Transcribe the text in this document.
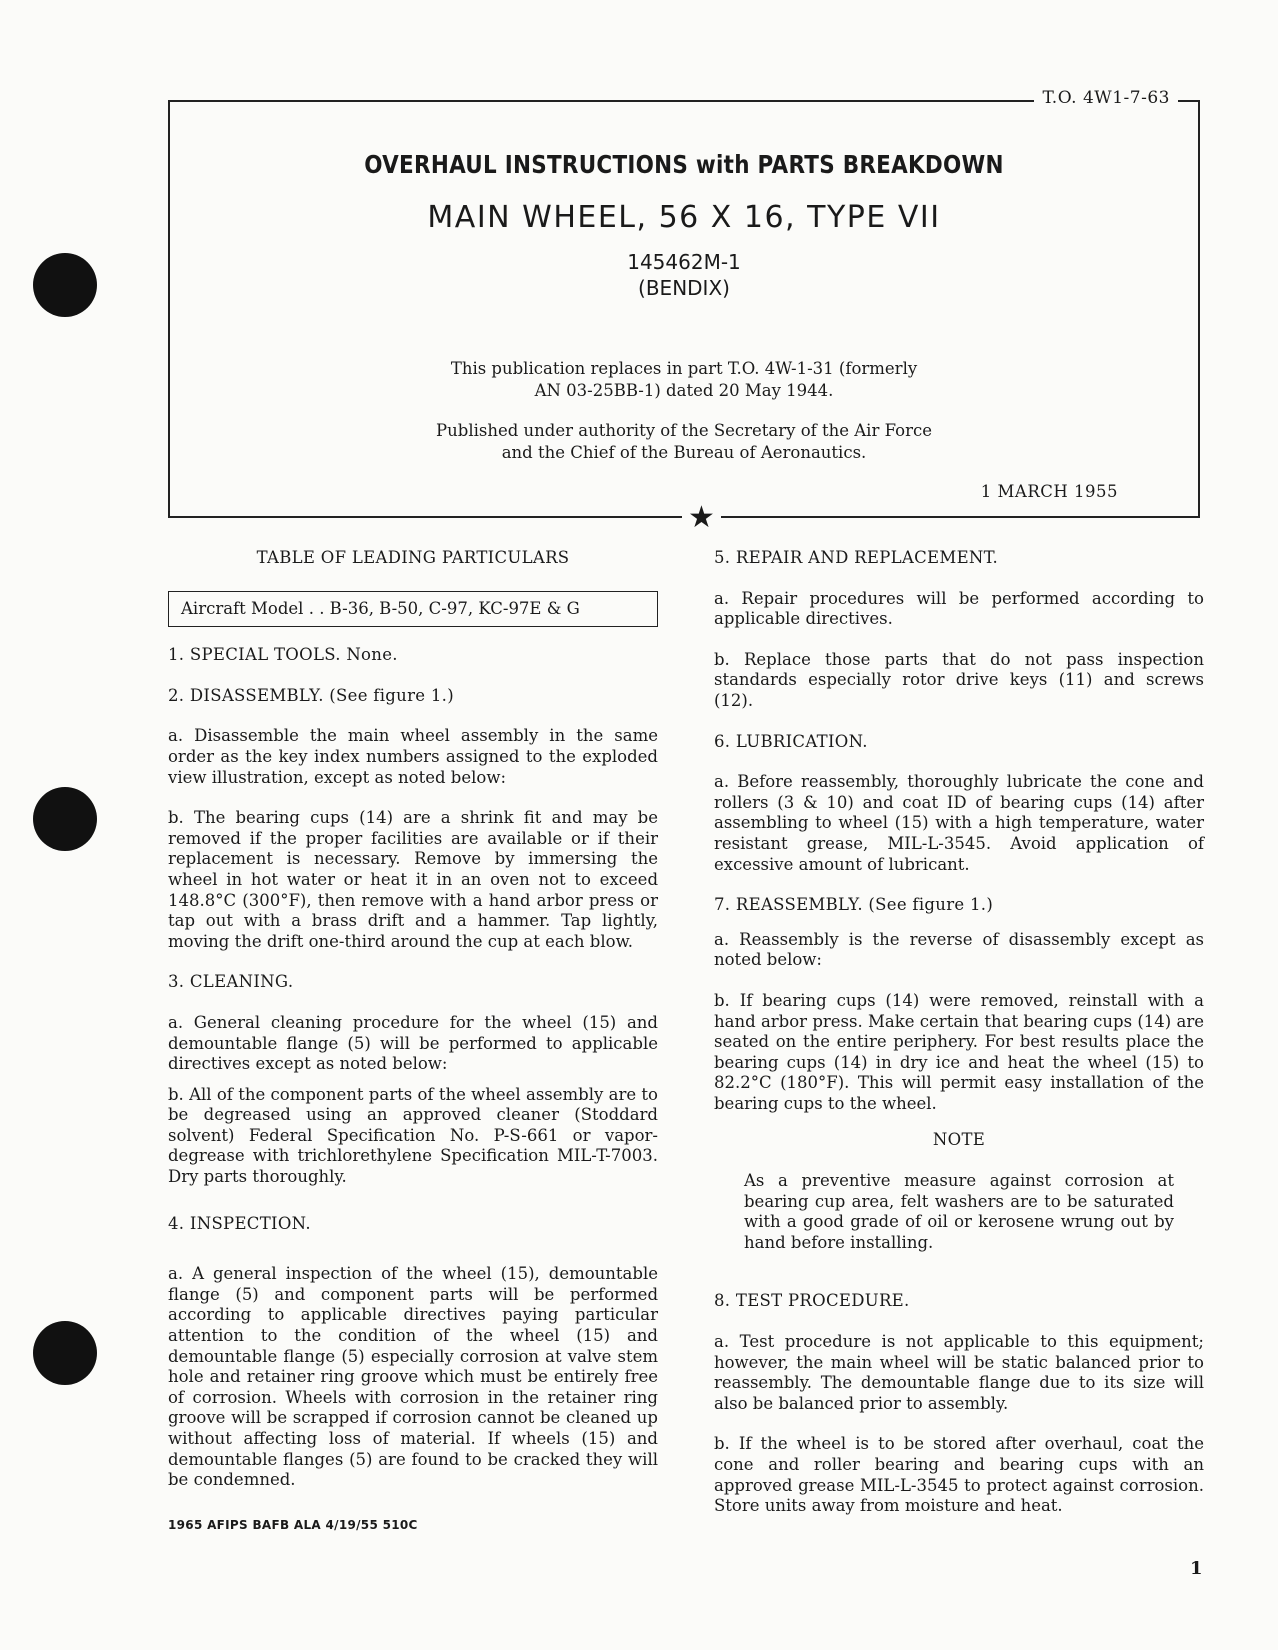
T.O. 4W1-7-63
OVERHAUL INSTRUCTIONS with PARTS BREAKDOWN
MAIN WHEEL, 56 X 16, TYPE VII
145462M-1
(BENDIX)
This publication replaces in part T.O. 4W-1-31 (formerly
AN 03-25BB-1) dated 20 May 1944.
Published under authority of the Secretary of the Air Force
and the Chief of the Bureau of Aeronautics.
1 MARCH 1955
★
TABLE OF LEADING PARTICULARS
Aircraft Model . . B-36, B-50, C-97, KC-97E & G
1. SPECIAL TOOLS. None.
2. DISASSEMBLY. (See figure 1.)

a. Disassemble the main wheel assembly in the same order as the key index numbers assigned to the exploded view illustration, except as noted below:

b. The bearing cups (14) are a shrink fit and may be removed if the proper facilities are available or if their replacement is necessary. Remove by immersing the wheel in hot water or heat it in an oven not to exceed 148.8°C (300°F), then remove with a hand arbor press or tap out with a brass drift and a hammer. Tap lightly, moving the drift one-third around the cup at each blow.

3. CLEANING.

a. General cleaning procedure for the wheel (15) and demountable flange (5) will be performed to applicable directives except as noted below:

b. All of the component parts of the wheel assembly are to be degreased using an approved cleaner (Stoddard solvent) Federal Specification No. P-S-661 or vapor-degrease with trichlorethylene Specification MIL-T-7003. Dry parts thoroughly.

4. INSPECTION.

a. A general inspection of the wheel (15), demountable flange (5) and component parts will be performed according to applicable directives paying particular attention to the condition of the wheel (15) and demountable flange (5) especially corrosion at valve stem hole and retainer ring groove which must be entirely free of corrosion. Wheels with corrosion in the retainer ring groove will be scrapped if corrosion cannot be cleaned up without affecting loss of material. If wheels (15) and demountable flanges (5) are found to be cracked they will be condemned.

5. REPAIR AND REPLACEMENT.

a. Repair procedures will be performed according to applicable directives.

b. Replace those parts that do not pass inspection standards especially rotor drive keys (11) and screws (12).

6. LUBRICATION.

a. Before reassembly, thoroughly lubricate the cone and rollers (3 & 10) and coat ID of bearing cups (14) after assembling to wheel (15) with a high temperature, water resistant grease, MIL-L-3545. Avoid application of excessive amount of lubricant.

7. REASSEMBLY. (See figure 1.)

a. Reassembly is the reverse of disassembly except as noted below:

b. If bearing cups (14) were removed, reinstall with a hand arbor press. Make certain that bearing cups (14) are seated on the entire periphery. For best results place the bearing cups (14) in dry ice and heat the wheel (15) to 82.2°C (180°F). This will permit easy installation of the bearing cups to the wheel.

NOTE

As a preventive measure against corrosion at bearing cup area, felt washers are to be saturated with a good grade of oil or kerosene wrung out by hand before installing.

8. TEST PROCEDURE.

a. Test procedure is not applicable to this equipment; however, the main wheel will be static balanced prior to reassembly. The demountable flange due to its size will also be balanced prior to assembly.

b. If the wheel is to be stored after overhaul, coat the cone and roller bearing and bearing cups with an approved grease MIL-L-3545 to protect against corrosion. Store units away from moisture and heat.

1965 AFIPS BAFB ALA 4/19/55 510C
1
